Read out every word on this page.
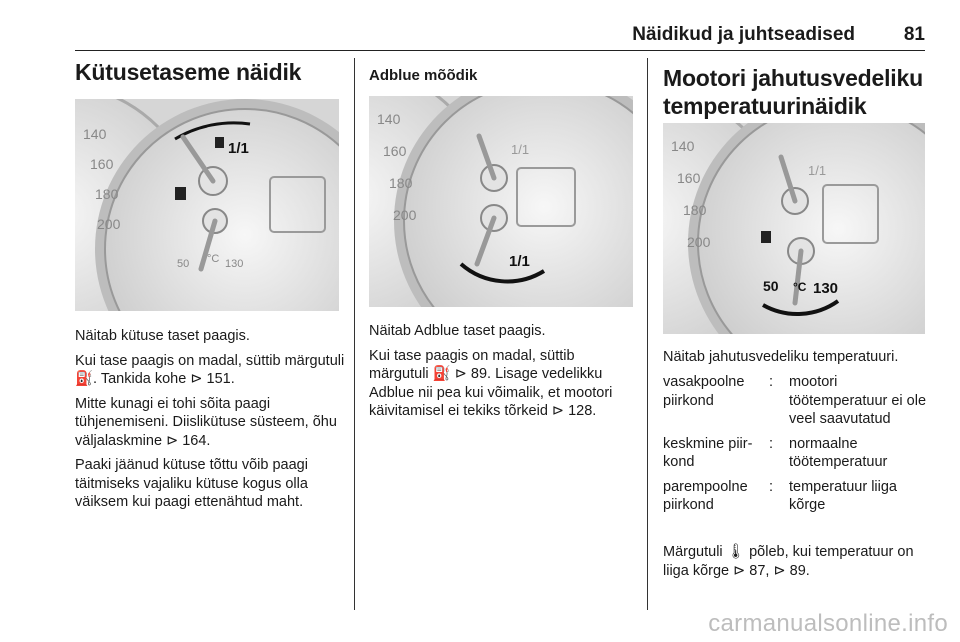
Näidikud ja juhtseadised	81
Kütusetaseme näidik
140
160
180
200
1/1
50 °C 130

Näitab kütuse taset paagis.

Kui tase paagis on madal, süttib märgutuli ⛽. Tankida kohe ⊳ 151.

Mitte kunagi ei tohi sõita paagi tühjenemiseni. Diislikütuse süsteem, õhu väljalaskmine ⊳ 164.

Paaki jäänud kütuse tõttu võib paagi täitmiseks vajaliku kütuse kogus olla väiksem kui paagi ettenähtud maht.

Adblue mõõdik
140
160
180
200
1/1
1/1

Näitab Adblue taset paagis.

Kui tase paagis on madal, süttib märgutuli ⛽ ⊳ 89. Lisage vedelikku Adblue nii pea kui võimalik, et mootori käivitamisel ei tekiks tõrkeid ⊳ 128.

Mootori jahutusvedeliku
temperatuurinäidik
140
160
180
200
1/1
50 °C 130

Näitab jahutusvedeliku temperatuuri.

vasakpoolne piirkond
:	mootori töötemperatuur ei ole veel saavutatud
keskmine piir-kond
:	normaalne töötemperatuur
parempoolne piirkond
:	temperatuur liiga kõrge

Märgutuli 🌡 põleb, kui temperatuur on liiga kõrge ⊳ 87, ⊳ 89.

carmanualsonline.info
